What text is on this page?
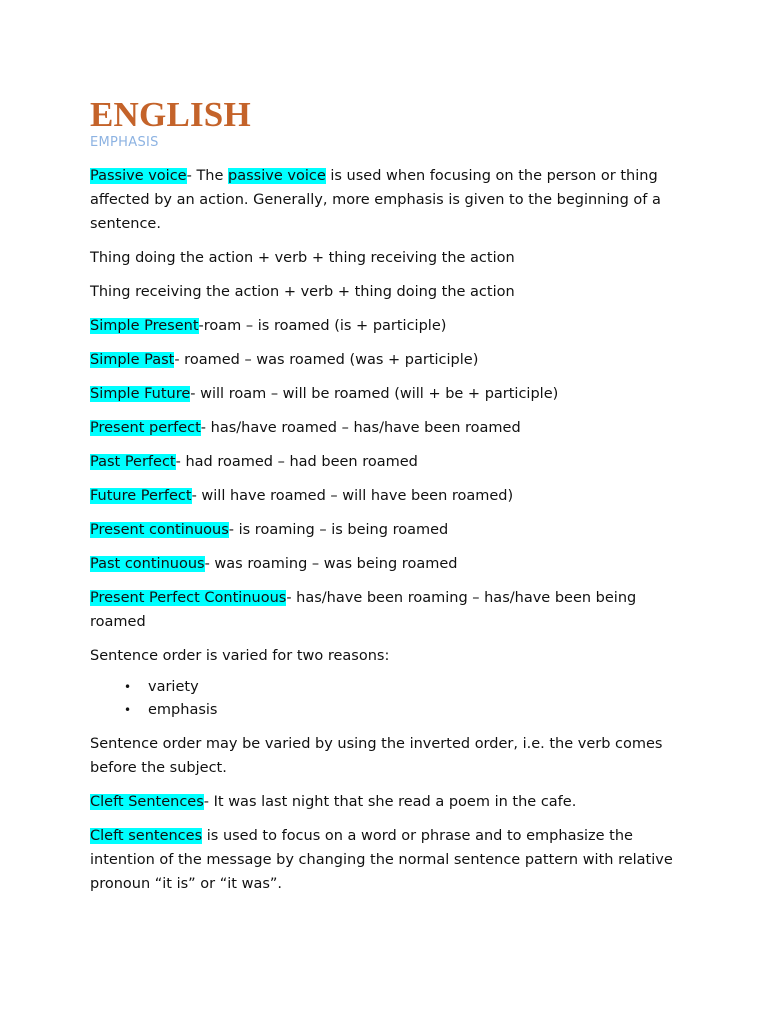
ENGLISH
EMPHASIS

Passive voice- The passive voice is used when focusing on the person or thing affected by an action. Generally, more emphasis is given to the beginning of a sentence.

Thing doing the action + verb + thing receiving the action

Thing receiving the action + verb + thing doing the action

Simple Present-roam – is roamed (is + participle)

Simple Past- roamed – was roamed (was + participle)

Simple Future- will roam – will be roamed (will + be + participle)

Present perfect- has/have roamed – has/have been roamed

Past Perfect- had roamed – had been roamed

Future Perfect- will have roamed – will have been roamed)

Present continuous- is roaming – is being roamed

Past continuous- was roaming – was being roamed

Present Perfect Continuous- has/have been roaming – has/have been being roamed

Sentence order is varied for two reasons:

• variety
• emphasis

Sentence order may be varied by using the inverted order, i.e. the verb comes before the subject.

Cleft Sentences- It was last night that she read a poem in the cafe.

Cleft sentences is used to focus on a word or phrase and to emphasize the intention of the message by changing the normal sentence pattern with relative pronoun “it is” or “it was”.
